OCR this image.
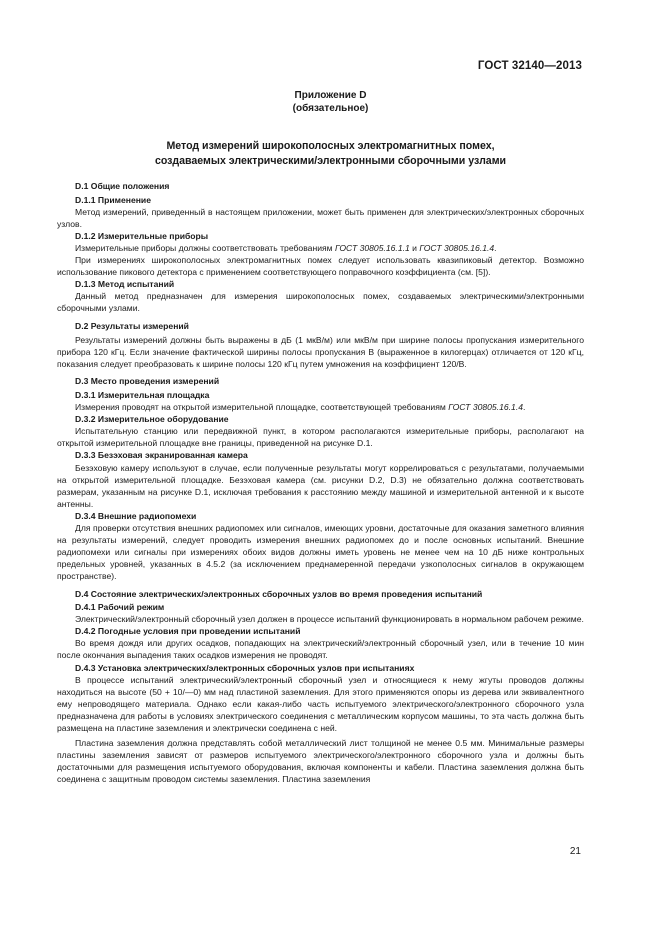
ГОСТ 32140—2013
Приложение D
(обязательное)
Метод измерений широкополосных электромагнитных помех,
создаваемых электрическими/электронными сборочными узлами

D.1 Общие положения

D.1.1 Применение

Метод измерений, приведенный в настоящем приложении, может быть применен для электрических/электронных сборочных узлов.

D.1.2 Измерительные приборы

Измерительные приборы должны соответствовать требованиям ГОСТ 30805.16.1.1 и ГОСТ 30805.16.1.4.

При измерениях широкополосных электромагнитных помех следует использовать квазипиковый детектор. Возможно использование пикового детектора с применением соответствующего поправочного коэффициента (см. [5]).

D.1.3 Метод испытаний

Данный метод предназначен для измерения широкополосных помех, создаваемых электрическими/электронными сборочными узлами.

D.2 Результаты измерений

Результаты измерений должны быть выражены в дБ (1 мкВ/м) или мкВ/м при ширине полосы пропускания измерительного прибора 120 кГц. Если значение фактической ширины полосы пропускания В (выраженное в килогерцах) отличается от 120 кГц, показания следует преобразовать к ширине полосы 120 кГц путем умножения на коэффициент 120/В.

D.3 Место проведения измерений

D.3.1 Измерительная площадка

Измерения проводят на открытой измерительной площадке, соответствующей требованиям ГОСТ 30805.16.1.4.

D.3.2 Измерительное оборудование

Испытательную станцию или передвижной пункт, в котором располагаются измерительные приборы, располагают на открытой измерительной площадке вне границы, приведенной на рисунке D.1.

D.3.3 Безэховая экранированная камера

Безэховую камеру используют в случае, если полученные результаты могут коррелироваться с результатами, получаемыми на открытой измерительной площадке. Безэховая камера (см. рисунки D.2, D.3) не обязательно должна соответствовать размерам, указанным на рисунке D.1, исключая требования к расстоянию между машиной и измерительной антенной и к высоте антенны.

D.3.4 Внешние радиопомехи

Для проверки отсутствия внешних радиопомех или сигналов, имеющих уровни, достаточные для оказания заметного влияния на результаты измерений, следует проводить измерения внешних радиопомех до и после основных испытаний. Внешние радиопомехи или сигналы при измерениях обоих видов должны иметь уровень не менее чем на 10 дБ ниже контрольных предельных уровней, указанных в 4.5.2 (за исключением преднамеренной передачи узкополосных сигналов в окружающем пространстве).

D.4 Состояние электрических/электронных сборочных узлов во время проведения испытаний

D.4.1 Рабочий режим

Электрический/электронный сборочный узел должен в процессе испытаний функционировать в нормальном рабочем режиме.

D.4.2 Погодные условия при проведении испытаний

Во время дождя или других осадков, попадающих на электрический/электронный сборочный узел, или в течение 10 мин после окончания выпадения таких осадков измерения не проводят.

D.4.3 Установка электрических/электронных сборочных узлов при испытаниях

В процессе испытаний электрический/электронный сборочный узел и относящиеся к нему жгуты проводов должны находиться на высоте (50 + 10/—0) мм над пластиной заземления. Для этого применяются опоры из дерева или эквивалентного ему непроводящего материала. Однако если какая-либо часть испытуемого электрического/электронного сборочного узла предназначена для работы в условиях электрического соединения с металлическим корпусом машины, то эта часть должна быть размещена на пластине заземления и электрически соединена с ней.

Пластина заземления должна представлять собой металлический лист толщиной не менее 0.5 мм. Минимальные размеры пластины заземления зависят от размеров испытуемого электрического/электронного сборочного узла и должны быть достаточными для размещения испытуемого оборудования, включая компоненты и кабели. Пластина заземления должна быть соединена с защитным проводом системы заземления. Пластина заземления

21
